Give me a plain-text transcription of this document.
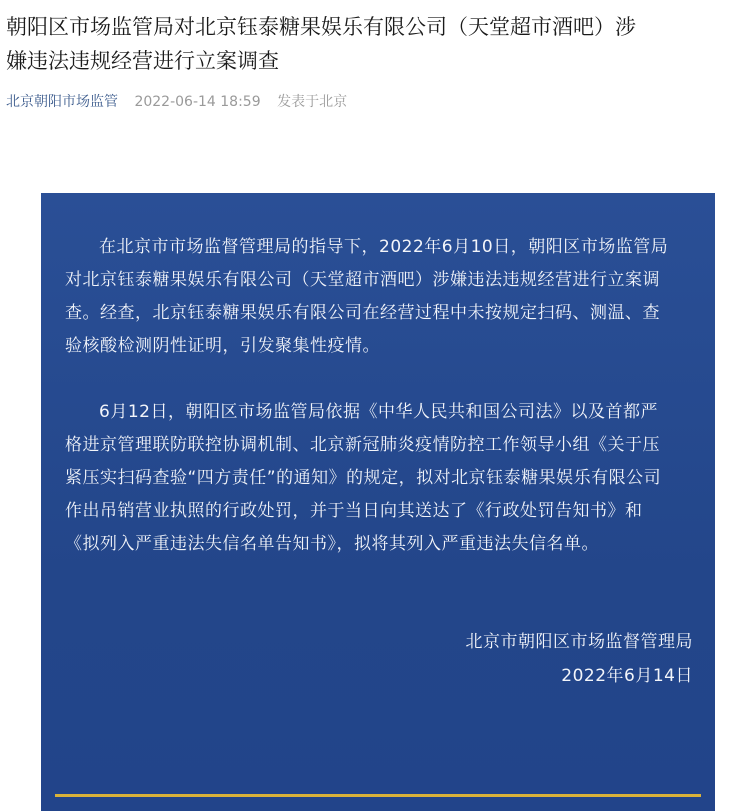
朝阳区市场监管局对北京钰泰糖果娱乐有限公司（天堂超市酒吧）涉
嫌违法违规经营进行立案调查
北京朝阳市场监管 2022-06-14 18:59 发表于北京
在北京市市场监督管理局的指导下，2022年6月10日，朝阳区市场监管局
对北京钰泰糖果娱乐有限公司（天堂超市酒吧）涉嫌违法违规经营进行立案调
查。经查，北京钰泰糖果娱乐有限公司在经营过程中未按规定扫码、测温、查
验核酸检测阴性证明，引发聚集性疫情。
6月12日，朝阳区市场监管局依据《中华人民共和国公司法》以及首都严
格进京管理联防联控协调机制、北京新冠肺炎疫情防控工作领导小组《关于压
紧压实扫码查验“四方责任”的通知》的规定，拟对北京钰泰糖果娱乐有限公司
作出吊销营业执照的行政处罚，并于当日向其送达了《行政处罚告知书》和
《拟列入严重违法失信名单告知书》，拟将其列入严重违法失信名单。
北京市朝阳区市场监督管理局
2022年6月14日
